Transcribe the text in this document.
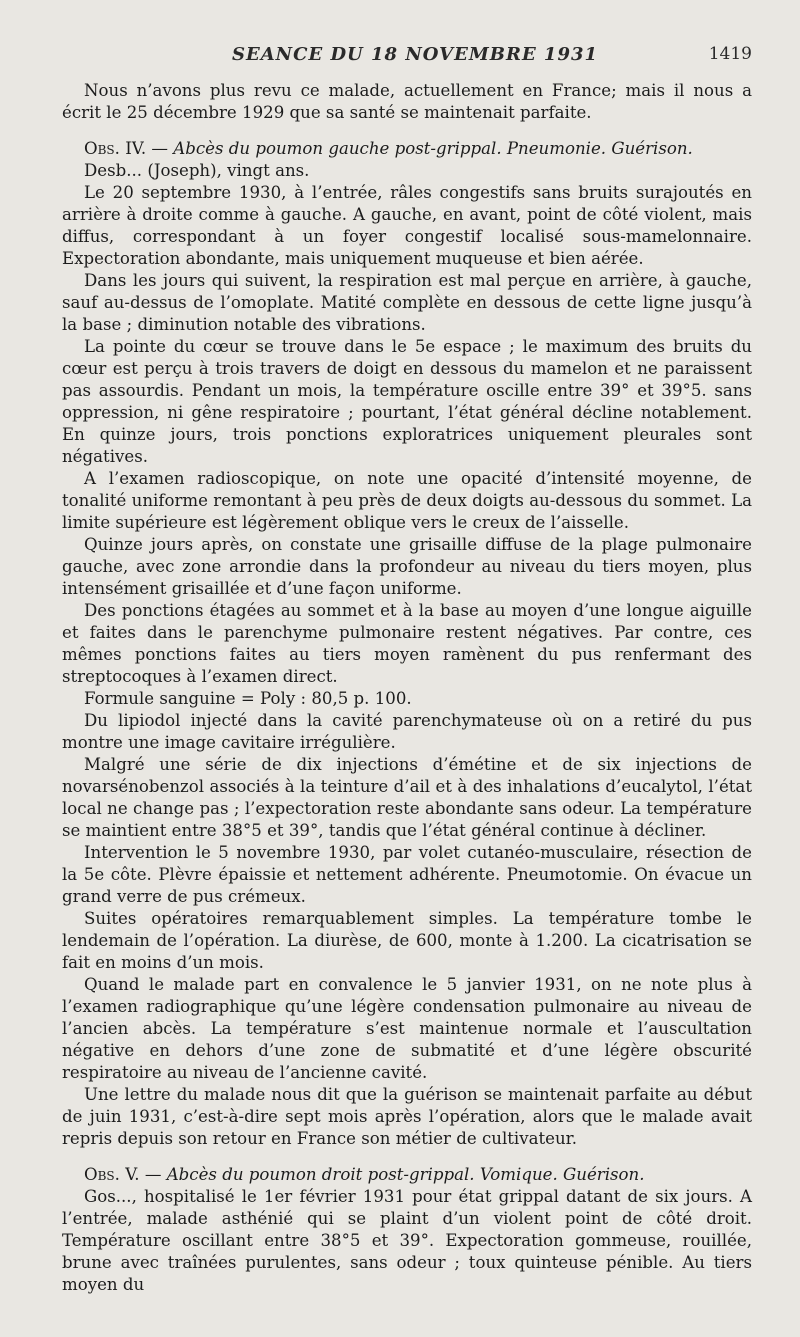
SEANCE DU 18 NOVEMBRE 1931	1419

Nous n’avons plus revu ce malade, actuellement en France; mais il nous a écrit le 25 décembre 1929 que sa santé se maintenait parfaite.

Obs. IV. — Abcès du poumon gauche post-grippal. Pneumonie. Guérison.

Desb... (Joseph), vingt ans.

Le 20 septembre 1930, à l’entrée, râles congestifs sans bruits surajoutés en arrière à droite comme à gauche. A gauche, en avant, point de côté violent, mais diffus, correspondant à un foyer congestif localisé sous-mamelonnaire. Expectoration abondante, mais uniquement muqueuse et bien aérée.

Dans les jours qui suivent, la respiration est mal perçue en arrière, à gauche, sauf au-dessus de l’omoplate. Matité complète en dessous de cette ligne jusqu’à la base ; diminution notable des vibrations.

La pointe du cœur se trouve dans le 5e espace ; le maximum des bruits du cœur est perçu à trois travers de doigt en dessous du mamelon et ne paraissent pas assourdis. Pendant un mois, la température oscille entre 39° et 39°5. sans oppression, ni gêne respiratoire ; pourtant, l’état général décline notablement. En quinze jours, trois ponctions exploratrices uniquement pleurales sont négatives.

A l’examen radioscopique, on note une opacité d’intensité moyenne, de tonalité uniforme remontant à peu près de deux doigts au-dessous du sommet. La limite supérieure est légèrement oblique vers le creux de l’aisselle.

Quinze jours après, on constate une grisaille diffuse de la plage pulmonaire gauche, avec zone arrondie dans la profondeur au niveau du tiers moyen, plus intensément grisaillée et d’une façon uniforme.

Des ponctions étagées au sommet et à la base au moyen d’une longue aiguille et faites dans le parenchyme pulmonaire restent négatives. Par contre, ces mêmes ponctions faites au tiers moyen ramènent du pus renfermant des streptocoques à l’examen direct.

Formule sanguine = Poly : 80,5 p. 100.

Du lipiodol injecté dans la cavité parenchymateuse où on a retiré du pus montre une image cavitaire irrégulière.

Malgré une série de dix injections d’émétine et de six injections de novarsénobenzol associés à la teinture d’ail et à des inhalations d’eucalytol, l’état local ne change pas ; l’expectoration reste abondante sans odeur. La température se maintient entre 38°5 et 39°, tandis que l’état général continue à décliner.

Intervention le 5 novembre 1930, par volet cutanéo-musculaire, résection de la 5e côte. Plèvre épaissie et nettement adhérente. Pneumotomie. On évacue un grand verre de pus crémeux.

Suites opératoires remarquablement simples. La température tombe le lendemain de l’opération. La diurèse, de 600, monte à 1.200. La cicatrisation se fait en moins d’un mois.

Quand le malade part en convalence le 5 janvier 1931, on ne note plus à l’examen radiographique qu’une légère condensation pulmonaire au niveau de l’ancien abcès. La température s’est maintenue normale et l’auscultation négative en dehors d’une zone de submatité et d’une légère obscurité respiratoire au niveau de l’ancienne cavité.

Une lettre du malade nous dit que la guérison se maintenait parfaite au début de juin 1931, c’est-à-dire sept mois après l’opération, alors que le malade avait repris depuis son retour en France son métier de cultivateur.

Obs. V. — Abcès du poumon droit post-grippal. Vomique. Guérison.

Gos..., hospitalisé le 1er février 1931 pour état grippal datant de six jours. A l’entrée, malade asthénié qui se plaint d’un violent point de côté droit. Température oscillant entre 38°5 et 39°. Expectoration gommeuse, rouillée, brune avec traînées purulentes, sans odeur ; toux quinteuse pénible. Au tiers moyen du
